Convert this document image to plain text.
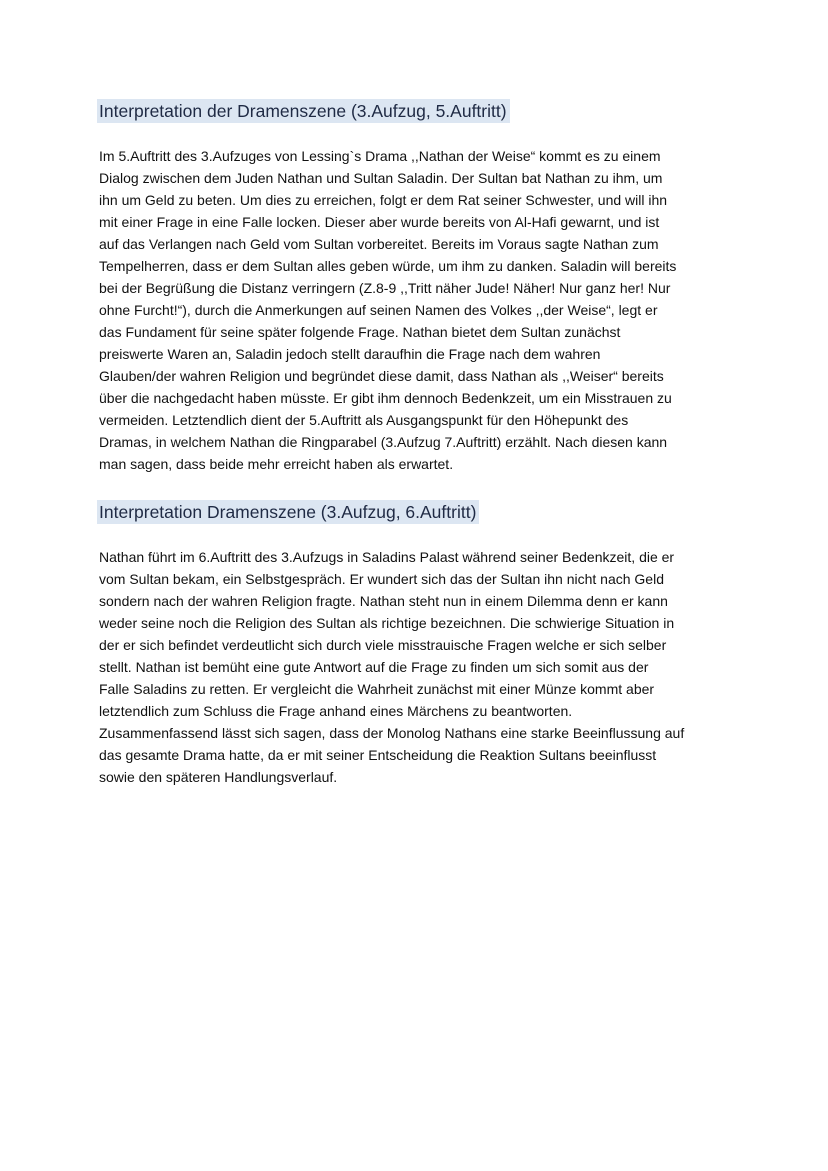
Interpretation der Dramenszene (3.Aufzug, 5.Auftritt)
Im 5.Auftritt des 3.Aufzuges von Lessing`s Drama ,,Nathan der Weise“ kommt es zu einem
Dialog zwischen dem Juden Nathan und Sultan Saladin. Der Sultan bat Nathan zu ihm, um
ihn um Geld zu beten. Um dies zu erreichen, folgt er dem Rat seiner Schwester, und will ihn
mit einer Frage in eine Falle locken. Dieser aber wurde bereits von Al-Hafi gewarnt, und ist
auf das Verlangen nach Geld vom Sultan vorbereitet. Bereits im Voraus sagte Nathan zum
Tempelherren, dass er dem Sultan alles geben würde, um ihm zu danken. Saladin will bereits
bei der Begrüßung die Distanz verringern (Z.8-9 ,,Tritt näher Jude! Näher! Nur ganz her! Nur
ohne Furcht!“), durch die Anmerkungen auf seinen Namen des Volkes ,,der Weise“, legt er
das Fundament für seine später folgende Frage. Nathan bietet dem Sultan zunächst
preiswerte Waren an, Saladin jedoch stellt daraufhin die Frage nach dem wahren
Glauben/der wahren Religion und begründet diese damit, dass Nathan als ,,Weiser“ bereits
über die nachgedacht haben müsste. Er gibt ihm dennoch Bedenkzeit, um ein Misstrauen zu
vermeiden. Letztendlich dient der 5.Auftritt als Ausgangspunkt für den Höhepunkt des
Dramas, in welchem Nathan die Ringparabel (3.Aufzug 7.Auftritt) erzählt. Nach diesen kann
man sagen, dass beide mehr erreicht haben als erwartet.
Interpretation Dramenszene (3.Aufzug, 6.Auftritt)
Nathan führt im 6.Auftritt des 3.Aufzugs in Saladins Palast während seiner Bedenkzeit, die er
vom Sultan bekam, ein Selbstgespräch. Er wundert sich das der Sultan ihn nicht nach Geld
sondern nach der wahren Religion fragte. Nathan steht nun in einem Dilemma denn er kann
weder seine noch die Religion des Sultan als richtige bezeichnen. Die schwierige Situation in
der er sich befindet verdeutlicht sich durch viele misstrauische Fragen welche er sich selber
stellt. Nathan ist bemüht eine gute Antwort auf die Frage zu finden um sich somit aus der
Falle Saladins zu retten. Er vergleicht die Wahrheit zunächst mit einer Münze kommt aber
letztendlich zum Schluss die Frage anhand eines Märchens zu beantworten.
Zusammenfassend lässt sich sagen, dass der Monolog Nathans eine starke Beeinflussung auf
das gesamte Drama hatte, da er mit seiner Entscheidung die Reaktion Sultans beeinflusst
sowie den späteren Handlungsverlauf.
